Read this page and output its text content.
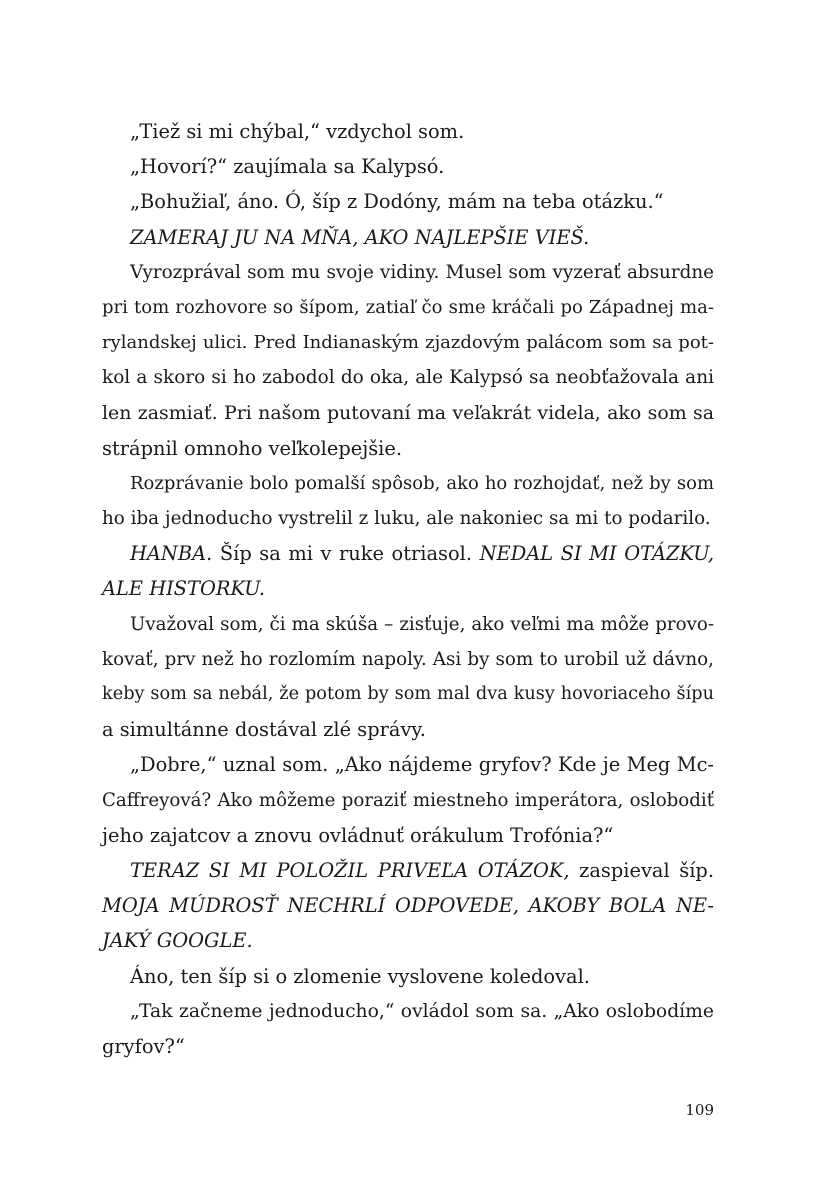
„Tiež si mi chýbal,“ vzdychol som.
„Hovorí?“ zaujímala sa Kalypsó.
„Bohužiaľ, áno. Ó, šíp z Dodóny, mám na teba otázku.“
ZAMERAJ JU NA MŇA, AKO NAJLEPŠIE VIEŠ.
Vyrozprával som mu svoje vidiny. Musel som vyzerať absurdne
pri tom rozhovore so šípom, zatiaľ čo sme kráčali po Západnej ma-
rylandskej ulici. Pred Indianaským zjazdovým palácom som sa pot-
kol a skoro si ho zabodol do oka, ale Kalypsó sa neobťažovala ani
len zasmiať. Pri našom putovaní ma veľakrát videla, ako som sa
strápnil omnoho veľkolepejšie.
Rozprávanie bolo pomalší spôsob, ako ho rozhojdať, než by som
ho iba jednoducho vystrelil z luku, ale nakoniec sa mi to podarilo.
HANBA. Šíp sa mi v ruke otriasol. NEDAL SI MI OTÁZKU,
ALE HISTORKU.
Uvažoval som, či ma skúša – zisťuje, ako veľmi ma môže provo-
kovať, prv než ho rozlomím napoly. Asi by som to urobil už dávno,
keby som sa nebál, že potom by som mal dva kusy hovoriaceho šípu
a simultánne dostával zlé správy.
„Dobre,“ uznal som. „Ako nájdeme gryfov? Kde je Meg Mc-
Caffreyová? Ako môžeme poraziť miestneho imperátora, oslobodiť
jeho zajatcov a znovu ovládnuť orákulum Trofónia?“
TERAZ SI MI POLOŽIL PRIVEĽA OTÁZOK, zaspieval šíp.
MOJA MÚDROSŤ NECHRLÍ ODPOVEDE, AKOBY BOLA NE-
JAKÝ GOOGLE.
Áno, ten šíp si o zlomenie vyslovene koledoval.
„Tak začneme jednoducho,“ ovládol som sa. „Ako oslobodíme
gryfov?“
109
